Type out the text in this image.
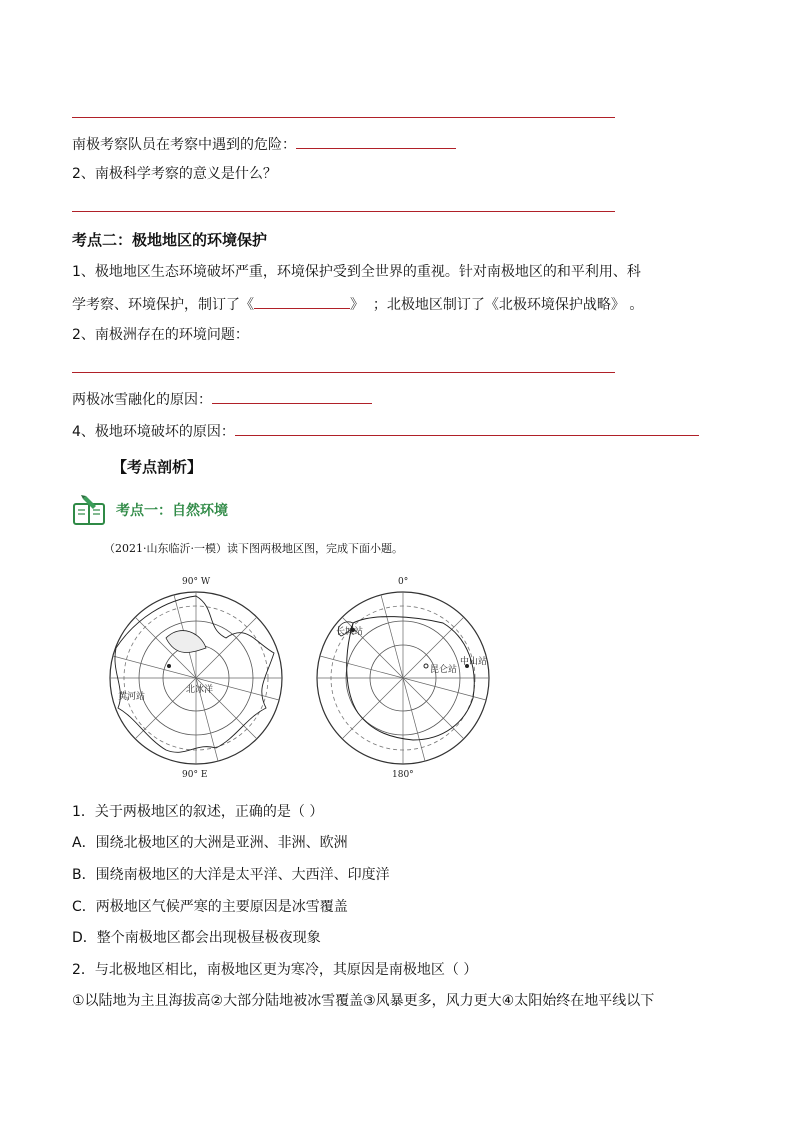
南极考察队员在考察中遇到的危险：
2、南极科学考察的意义是什么？
考点二：极地地区的环境保护
1、极地地区生态环境破坏严重，环境保护受到全世界的重视。针对南极地区的和平利用、科
学考察、环境保护，制订了《	》 ；北极地区制订了《北极环境保护战略》 。
2、南极洲存在的环境问题：
两极冰雪融化的原因：
4、极地环境破坏的原因：
【考点剖析】
考点一：自然环境
（2021·山东临沂·一模）读下图两极地区图，完成下面小题。
90° W
北冰洋
黄河站
90° E
0°
长城站
中山站
昆仑站
180°
1．关于两极地区的叙述，正确的是（ ）
A．围绕北极地区的大洲是亚洲、非洲、欧洲
B．围绕南极地区的大洋是太平洋、大西洋、印度洋
C．两极地区气候严寒的主要原因是冰雪覆盖
D．整个南极地区都会出现极昼极夜现象
2．与北极地区相比，南极地区更为寒冷，其原因是南极地区（ ）
①以陆地为主且海拔高②大部分陆地被冰雪覆盖③风暴更多，风力更大④太阳始终在地平线以下
